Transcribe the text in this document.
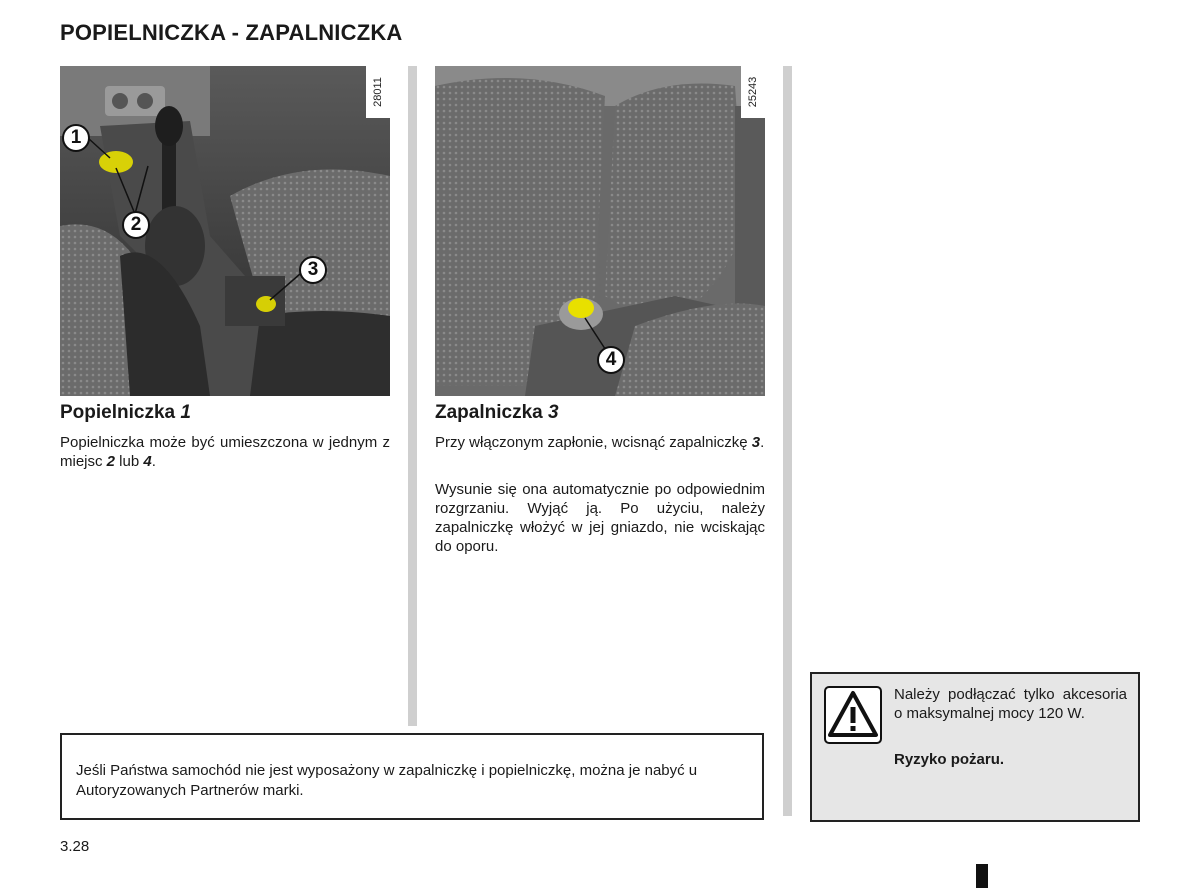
POPIELNICZKA - ZAPALNICZKA
28011
1
2
3
25243
4
Popielniczka 1
Popielniczka może być umieszczona w jednym z miejsc 2 lub 4.
Zapalniczka 3
Przy włączonym zapłonie, wcisnąć zapalniczkę 3.
Wysunie się ona automatycznie po odpowiednim rozgrzaniu. Wyjąć ją. Po użyciu, należy zapalniczkę włożyć w jej gniazdo, nie wciskając do oporu.
Jeśli Państwa samochód nie jest wyposażony w zapalniczkę i popielniczkę, można je nabyć u Autoryzowanych Partnerów marki.
Należy podłączać tylko akcesoria o maksymalnej mocy 120 W.
Ryzyko pożaru.
3.28
